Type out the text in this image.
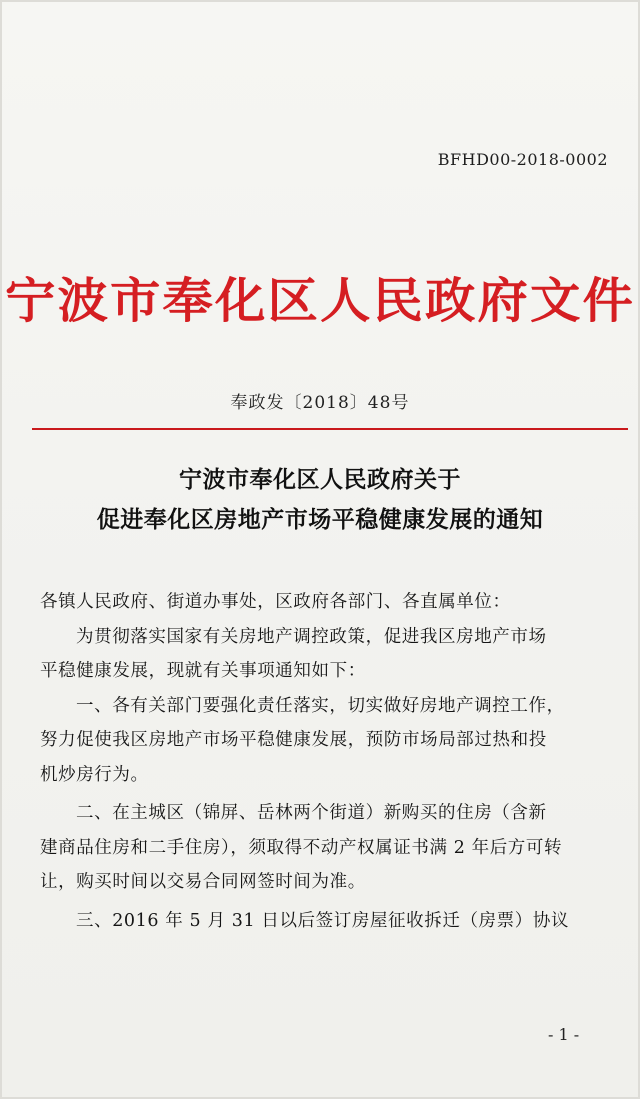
BFHD00-2018-0002
宁波市奉化区人民政府文件
奉政发〔2018〕48号
宁波市奉化区人民政府关于
促进奉化区房地产市场平稳健康发展的通知
各镇人民政府、街道办事处，区政府各部门、各直属单位：
为贯彻落实国家有关房地产调控政策，促进我区房地产市场
平稳健康发展，现就有关事项通知如下：
一、各有关部门要强化责任落实，切实做好房地产调控工作，
努力促使我区房地产市场平稳健康发展，预防市场局部过热和投
机炒房行为。
二、在主城区（锦屏、岳林两个街道）新购买的住房（含新
建商品住房和二手住房），须取得不动产权属证书满 2 年后方可转
让，购买时间以交易合同网签时间为准。
三、2016 年 5 月 31 日以后签订房屋征收拆迁（房票）协议
- 1 -
